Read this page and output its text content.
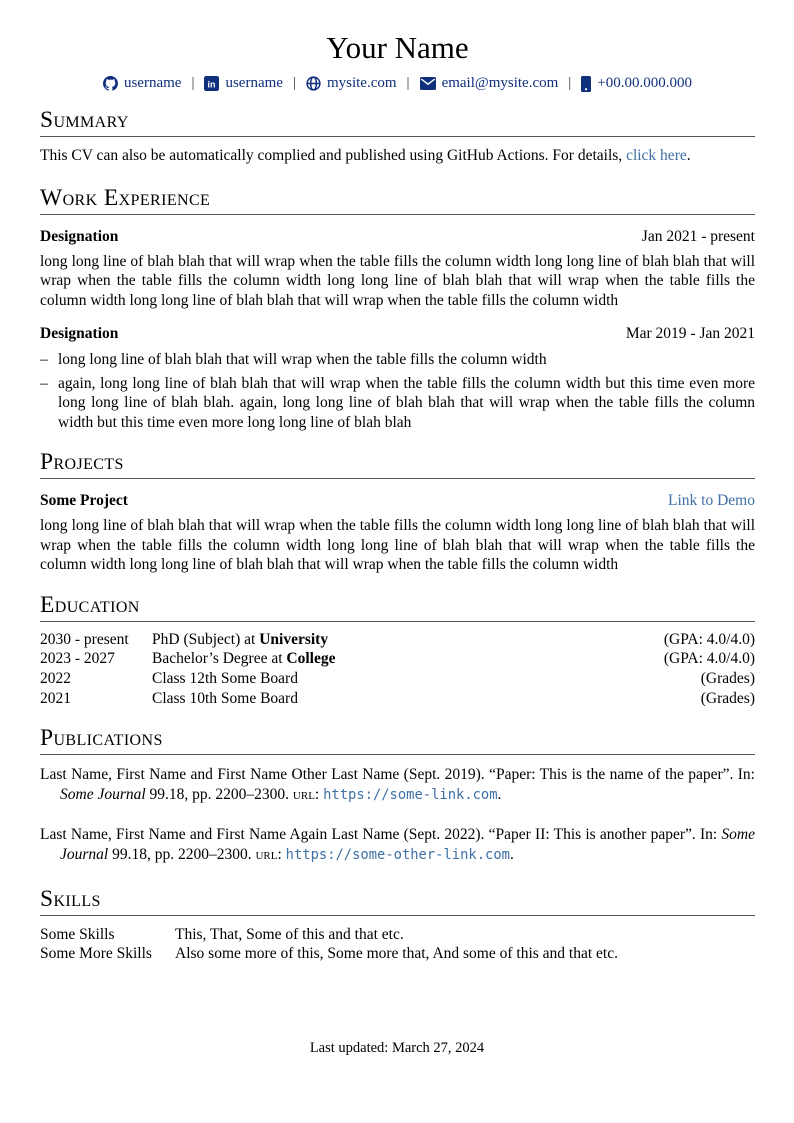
Your Name
username | in username | mysite.com | email@mysite.com | +00.00.000.000
Summary

This CV can also be automatically complied and published using GitHub Actions. For details, click here.

Work Experience
Designation	Jan 2021 - present

long long line of blah blah that will wrap when the table fills the column width long long line of blah blah that will wrap when the table fills the column width long long line of blah blah that will wrap when the table fills the column width long long line of blah blah that will wrap when the table fills the column width

Designation	Mar 2019 - Jan 2021
– long long line of blah blah that will wrap when the table fills the column width
– again, long long line of blah blah that will wrap when the table fills the column width but this time even more long long line of blah blah. again, long long line of blah blah that will wrap when the table fills the column width but this time even more long long line of blah blah
Projects
Some Project	Link to Demo

long long line of blah blah that will wrap when the table fills the column width long long line of blah blah that will wrap when the table fills the column width long long line of blah blah that will wrap when the table fills the column width long long line of blah blah that will wrap when the table fills the column width

Education
2030 - present	PhD (Subject) at University	(GPA: 4.0/4.0)
2023 - 2027	Bachelor’s Degree at College	(GPA: 4.0/4.0)
2022	Class 12th Some Board	(Grades)
2021	Class 10th Some Board	(Grades)
Publications

Last Name, First Name and First Name Other Last Name (Sept. 2019). “Paper: This is the name of the paper”. In: Some Journal 99.18, pp. 2200–2300. url: https://some-link.com.

Last Name, First Name and First Name Again Last Name (Sept. 2022). “Paper II: This is another paper”. In: Some Journal 99.18, pp. 2200–2300. url: https://some-other-link.com.

Skills
Some Skills	This, That, Some of this and that etc.
Some More Skills	Also some more of this, Some more that, And some of this and that etc.
Last updated: March 27, 2024
